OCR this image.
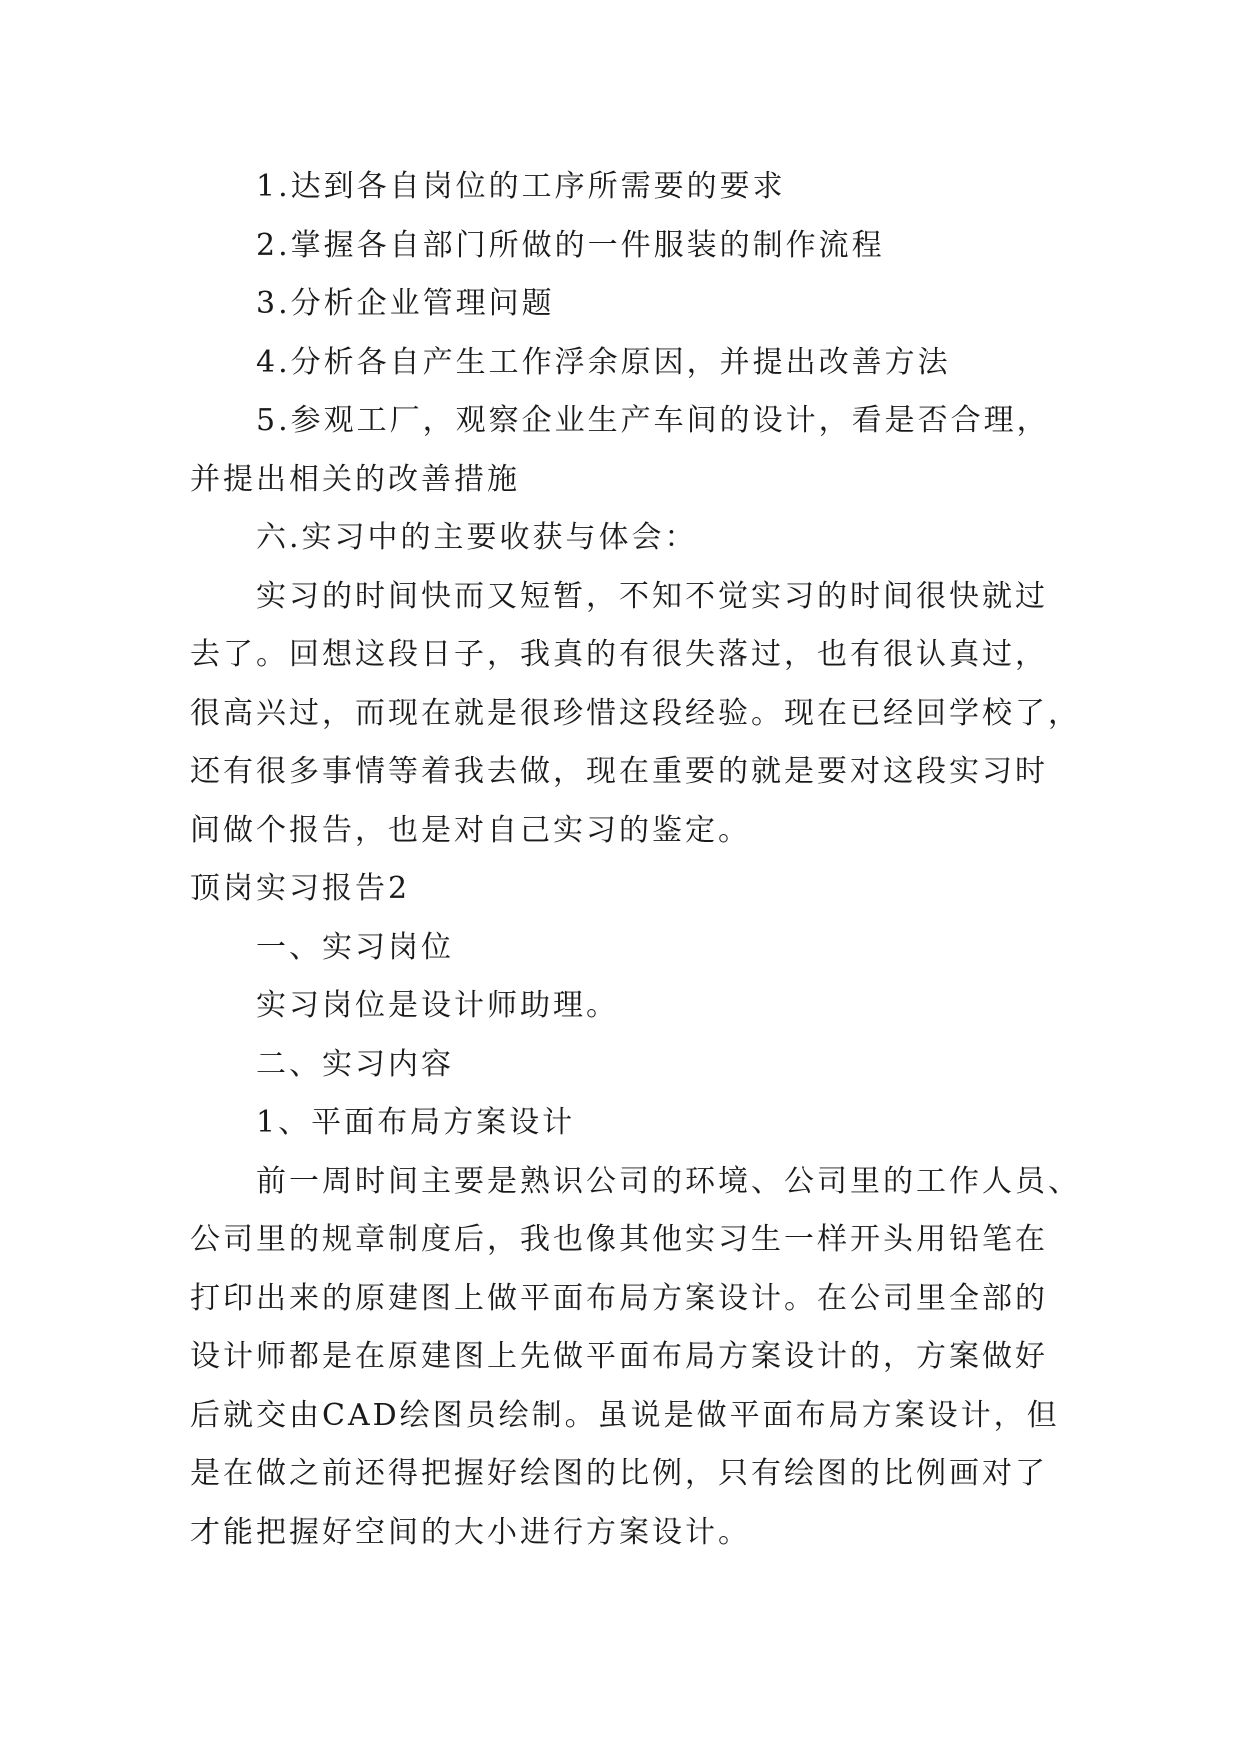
1.达到各自岗位的工序所需要的要求

2.掌握各自部门所做的一件服装的制作流程

3.分析企业管理问题

4.分析各自产生工作浮余原因，并提出改善方法

5.参观工厂，观察企业生产车间的设计，看是否合理，

并提出相关的改善措施

六.实习中的主要收获与体会：

实习的时间快而又短暂，不知不觉实习的时间很快就过

去了。回想这段日子，我真的有很失落过，也有很认真过，

很高兴过，而现在就是很珍惜这段经验。现在已经回学校了，

还有很多事情等着我去做，现在重要的就是要对这段实习时

间做个报告，也是对自己实习的鉴定。

顶岗实习报告2

一、实习岗位

实习岗位是设计师助理。

二、实习内容

1、平面布局方案设计

前一周时间主要是熟识公司的环境、公司里的工作人员、

公司里的规章制度后，我也像其他实习生一样开头用铅笔在

打印出来的原建图上做平面布局方案设计。在公司里全部的

设计师都是在原建图上先做平面布局方案设计的，方案做好

后就交由CAD绘图员绘制。虽说是做平面布局方案设计，但

是在做之前还得把握好绘图的比例，只有绘图的比例画对了

才能把握好空间的大小进行方案设计。
